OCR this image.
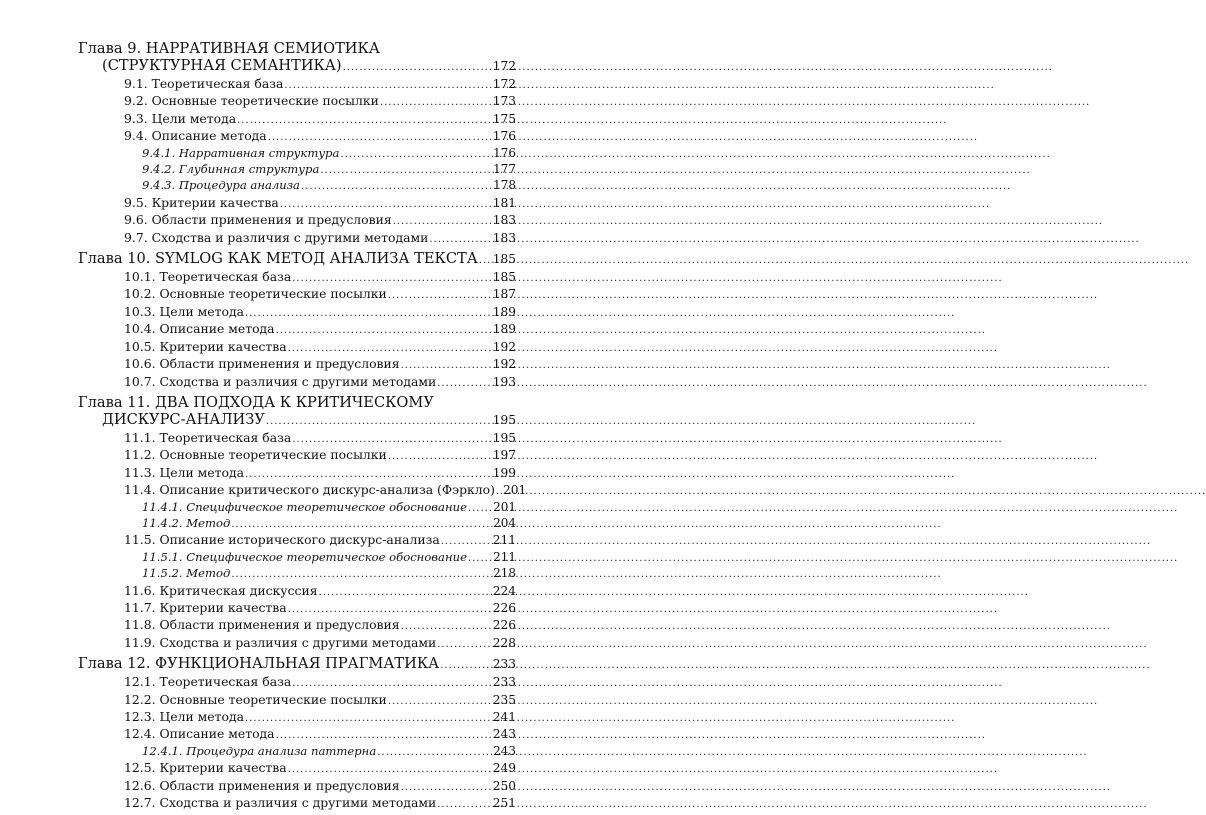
Глава 9. НАРРАТИВНАЯ СЕМИОТИКА
(СТРУКТУРНАЯ СЕМАНТИКА) .....	172
9.1. Теоретическая база .....	172
9.2. Основные теоретические посылки .....	173
9.3. Цели метода .....	175
9.4. Описание метода .....	176
9.4.1. Нарративная структура .....	176
9.4.2. Глубинная структура .....	177
9.4.3. Процедура анализа .....	178
9.5. Критерии качества .....	181
9.6. Области применения и предусловия .....	183
9.7. Сходства и различия с другими методами .....	183
Глава 10. SYMLOG КАК МЕТОД АНАЛИЗА ТЕКСТА ..... 185
10.1. Теоретическая база .....	185
10.2. Основные теоретические посылки .....	187
10.3. Цели метода .....	189
10.4. Описание метода .....	189
10.5. Критерии качества .....	192
10.6. Области применения и предусловия .....	192
10.7. Сходства и различия с другими методами .....	193
Глава 11. ДВА ПОДХОДА К КРИТИЧЕСКОМУ
ДИСКУРС-АНАЛИЗУ .....	195
11.1. Теоретическая база .....	195
11.2. Основные теоретические посылки .....	197
11.3. Цели метода .....	199
11.4. Описание критического дискурс-анализа (Фэркло) ..... 201
11.4.1. Специфическое теоретическое обоснование ..... 201
11.4.2. Метод .....	204
11.5. Описание исторического дискурс-анализа .....	211
11.5.1. Специфическое теоретическое обоснование ..... 211
11.5.2. Метод .....	218
11.6. Критическая дискуссия .....	224
11.7. Критерии качества .....	226
11.8. Области применения и предусловия .....	226
11.9. Сходства и различия с другими методами .....	228
Глава 12. ФУНКЦИОНАЛЬНАЯ ПРАГМАТИКА .....	233
12.1. Теоретическая база .....	233
12.2. Основные теоретические посылки .....	235
12.3. Цели метода .....	241
12.4. Описание метода .....	243
12.4.1. Процедура анализа паттерна .....	243
12.5. Критерии качества .....	249
12.6. Области применения и предусловия .....	250
12.7. Сходства и различия с другими методами .....	251
